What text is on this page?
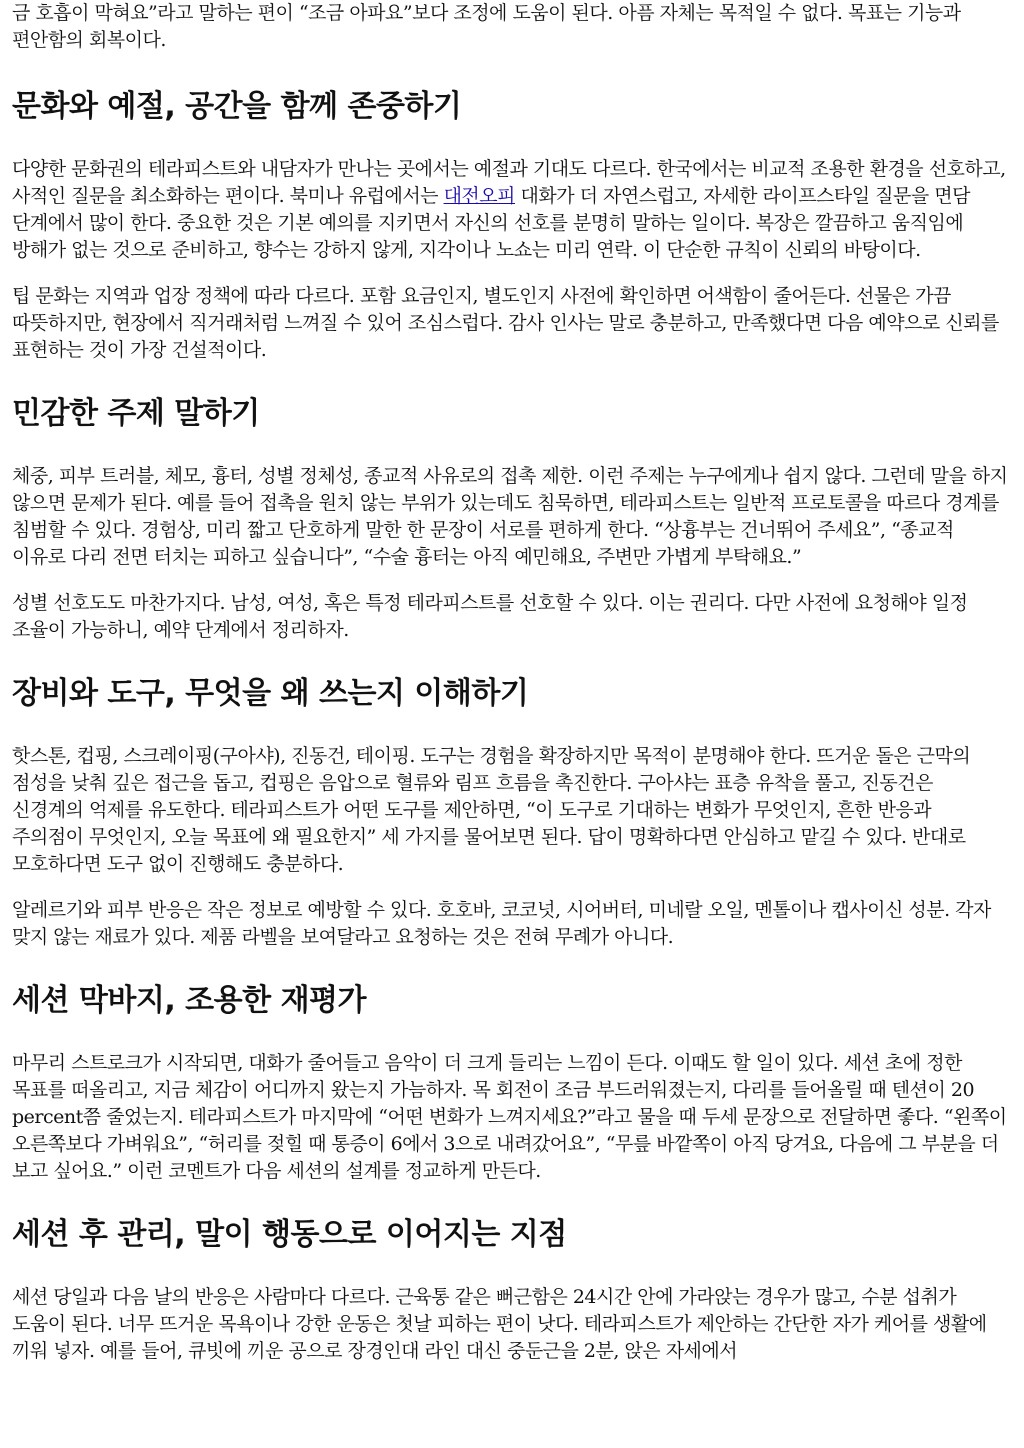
금 호흡이 막혀요”라고 말하는 편이 “조금 아파요”보다 조정에 도움이 된다. 아픔 자체는 목적일 수 없다. 목표는 기능과 편안함의 회복이다.

문화와 예절, 공간을 함께 존중하기

다양한 문화권의 테라피스트와 내담자가 만나는 곳에서는 예절과 기대도 다르다. 한국에서는 비교적 조용한 환경을 선호하고, 사적인 질문을 최소화하는 편이다. 북미나 유럽에서는 대전오피 대화가 더 자연스럽고, 자세한 라이프스타일 질문을 면담 단계에서 많이 한다. 중요한 것은 기본 예의를 지키면서 자신의 선호를 분명히 말하는 일이다. 복장은 깔끔하고 움직임에 방해가 없는 것으로 준비하고, 향수는 강하지 않게, 지각이나 노쇼는 미리 연락. 이 단순한 규칙이 신뢰의 바탕이다.

팁 문화는 지역과 업장 정책에 따라 다르다. 포함 요금인지, 별도인지 사전에 확인하면 어색함이 줄어든다. 선물은 가끔 따뜻하지만, 현장에서 직거래처럼 느껴질 수 있어 조심스럽다. 감사 인사는 말로 충분하고, 만족했다면 다음 예약으로 신뢰를 표현하는 것이 가장 건설적이다.

민감한 주제 말하기

체중, 피부 트러블, 체모, 흉터, 성별 정체성, 종교적 사유로의 접촉 제한. 이런 주제는 누구에게나 쉽지 않다. 그런데 말을 하지 않으면 문제가 된다. 예를 들어 접촉을 원치 않는 부위가 있는데도 침묵하면, 테라피스트는 일반적 프로토콜을 따르다 경계를 침범할 수 있다. 경험상, 미리 짧고 단호하게 말한 한 문장이 서로를 편하게 한다. “상흉부는 건너뛰어 주세요”, “종교적 이유로 다리 전면 터치는 피하고 싶습니다”, “수술 흉터는 아직 예민해요, 주변만 가볍게 부탁해요.”

성별 선호도도 마찬가지다. 남성, 여성, 혹은 특정 테라피스트를 선호할 수 있다. 이는 권리다. 다만 사전에 요청해야 일정 조율이 가능하니, 예약 단계에서 정리하자.

장비와 도구, 무엇을 왜 쓰는지 이해하기

핫스톤, 컵핑, 스크레이핑(구아샤), 진동건, 테이핑. 도구는 경험을 확장하지만 목적이 분명해야 한다. 뜨거운 돌은 근막의 점성을 낮춰 깊은 접근을 돕고, 컵핑은 음압으로 혈류와 림프 흐름을 촉진한다. 구아샤는 표층 유착을 풀고, 진동건은 신경계의 억제를 유도한다. 테라피스트가 어떤 도구를 제안하면, “이 도구로 기대하는 변화가 무엇인지, 흔한 반응과 주의점이 무엇인지, 오늘 목표에 왜 필요한지” 세 가지를 물어보면 된다. 답이 명확하다면 안심하고 맡길 수 있다. 반대로 모호하다면 도구 없이 진행해도 충분하다.

알레르기와 피부 반응은 작은 정보로 예방할 수 있다. 호호바, 코코넛, 시어버터, 미네랄 오일, 멘톨이나 캡사이신 성분. 각자 맞지 않는 재료가 있다. 제품 라벨을 보여달라고 요청하는 것은 전혀 무례가 아니다.

세션 막바지, 조용한 재평가

마무리 스트로크가 시작되면, 대화가 줄어들고 음악이 더 크게 들리는 느낌이 든다. 이때도 할 일이 있다. 세션 초에 정한 목표를 떠올리고, 지금 체감이 어디까지 왔는지 가늠하자. 목 회전이 조금 부드러워졌는지, 다리를 들어올릴 때 텐션이 20 percent쯤 줄었는지. 테라피스트가 마지막에 “어떤 변화가 느껴지세요?”라고 물을 때 두세 문장으로 전달하면 좋다. “왼쪽이 오른쪽보다 가벼워요”, “허리를 젖힐 때 통증이 6에서 3으로 내려갔어요”, “무릎 바깥쪽이 아직 당겨요, 다음에 그 부분을 더 보고 싶어요.” 이런 코멘트가 다음 세션의 설계를 정교하게 만든다.

세션 후 관리, 말이 행동으로 이어지는 지점

세션 당일과 다음 날의 반응은 사람마다 다르다. 근육통 같은 뻐근함은 24시간 안에 가라앉는 경우가 많고, 수분 섭취가 도움이 된다. 너무 뜨거운 목욕이나 강한 운동은 첫날 피하는 편이 낫다. 테라피스트가 제안하는 간단한 자가 케어를 생활에 끼워 넣자. 예를 들어, 큐빗에 끼운 공으로 장경인대 라인 대신 중둔근을 2분, 앉은 자세에서
